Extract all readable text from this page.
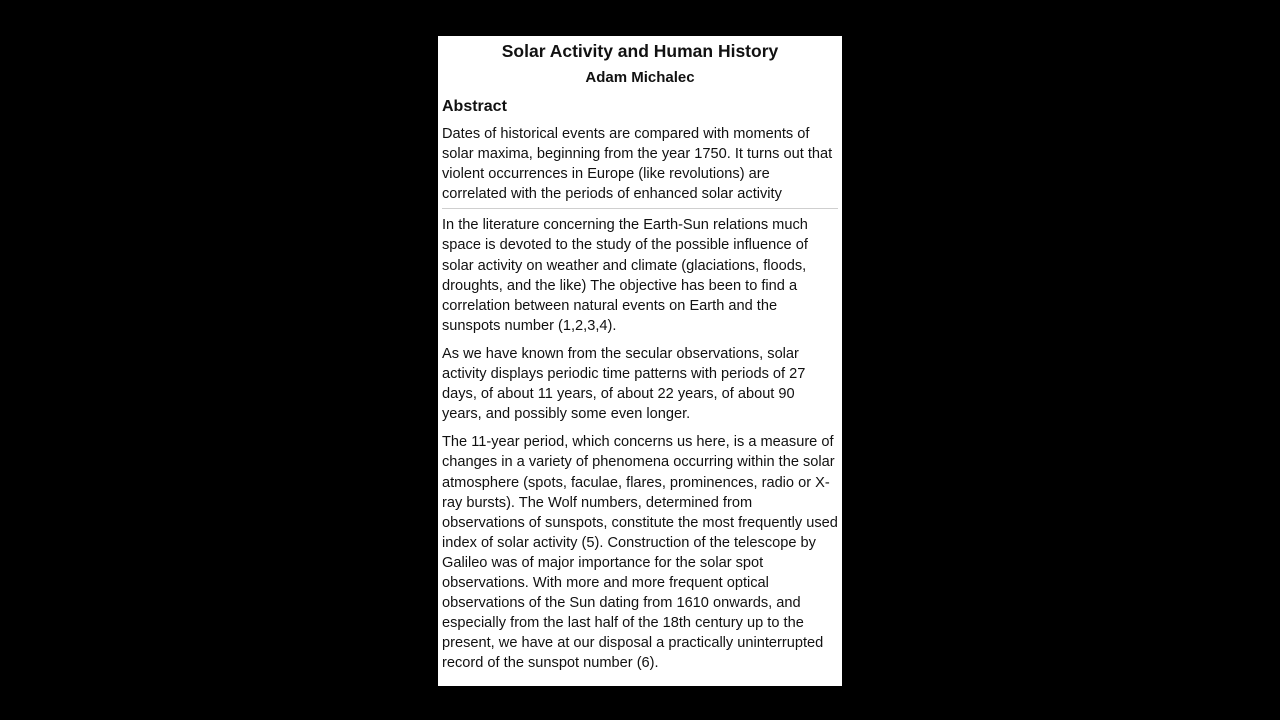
Solar Activity and Human History
Adam Michalec
Abstract

Dates of historical events are compared with moments of solar maxima, beginning from the year 1750. It turns out that violent occurrences in Europe (like revolutions) are correlated with the periods of enhanced solar activity

In the literature concerning the Earth-Sun relations much space is devoted to the study of the possible influence of solar activity on weather and climate (glaciations, floods, droughts, and the like) The objective has been to find a correlation between natural events on Earth and the sunspots number (1,2,3,4).

As we have known from the secular observations, solar activity displays periodic time patterns with periods of 27 days, of about 11 years, of about 22 years, of about 90 years, and possibly some even longer.

The 11-year period, which concerns us here, is a measure of changes in a variety of phenomena occurring within the solar atmosphere (spots, faculae, flares, prominences, radio or X-ray bursts). The Wolf numbers, determined from observations of sunspots, constitute the most frequently used index of solar activity (5). Construction of the telescope by Galileo was of major importance for the solar spot observations. With more and more frequent optical observations of the Sun dating from 1610 onwards, and especially from the last half of the 18th century up to the present, we have at our disposal a practically uninterrupted record of the sunspot number (6).
